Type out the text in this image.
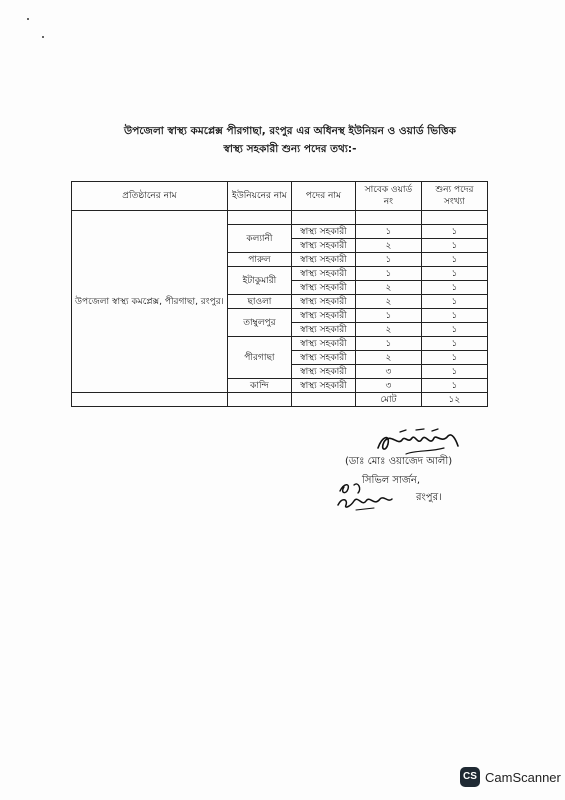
উপজেলা স্বাস্থ্য কমপ্লেক্স পীরগাছা, রংপুর এর অধিনস্থ ইউনিয়ন ও ওয়ার্ড ভিত্তিক
স্বাস্থ্য সহকারী শুন্য পদের তথ্য:-
প্রতিষ্ঠানের নাম	ইউনিয়নের নাম	পদের নাম	সাবেক ওয়ার্ড নং	শুন্য পদের সংখ্যা
উপজেলা স্বাস্থ্য কমপ্লেক্স, পীরগাছা, রংপুর।				
	কল্যানী	স্বাস্থ্য সহকারী	১	১
		স্বাস্থ্য সহকারী	২	১
	পারুল	স্বাস্থ্য সহকারী	১	১
	ইটাকুমারী	স্বাস্থ্য সহকারী	১	১
		স্বাস্থ্য সহকারী	২	১
	ছাওলা	স্বাস্থ্য সহকারী	২	১
	তাম্বুলপুর	স্বাস্থ্য সহকারী	১	১
		স্বাস্থ্য সহকারী	২	১
	পীরগাছা	স্বাস্থ্য সহকারী	১	১
		স্বাস্থ্য সহকারী	২	১
		স্বাস্থ্য সহকারী	৩	১
	কান্দি	স্বাস্থ্য সহকারী	৩	১
			মোট	১২
(ডাঃ মোঃ ওয়াজেদ আলী)
সিভিল সার্জন,
রংপুর।
CS CamScanner
